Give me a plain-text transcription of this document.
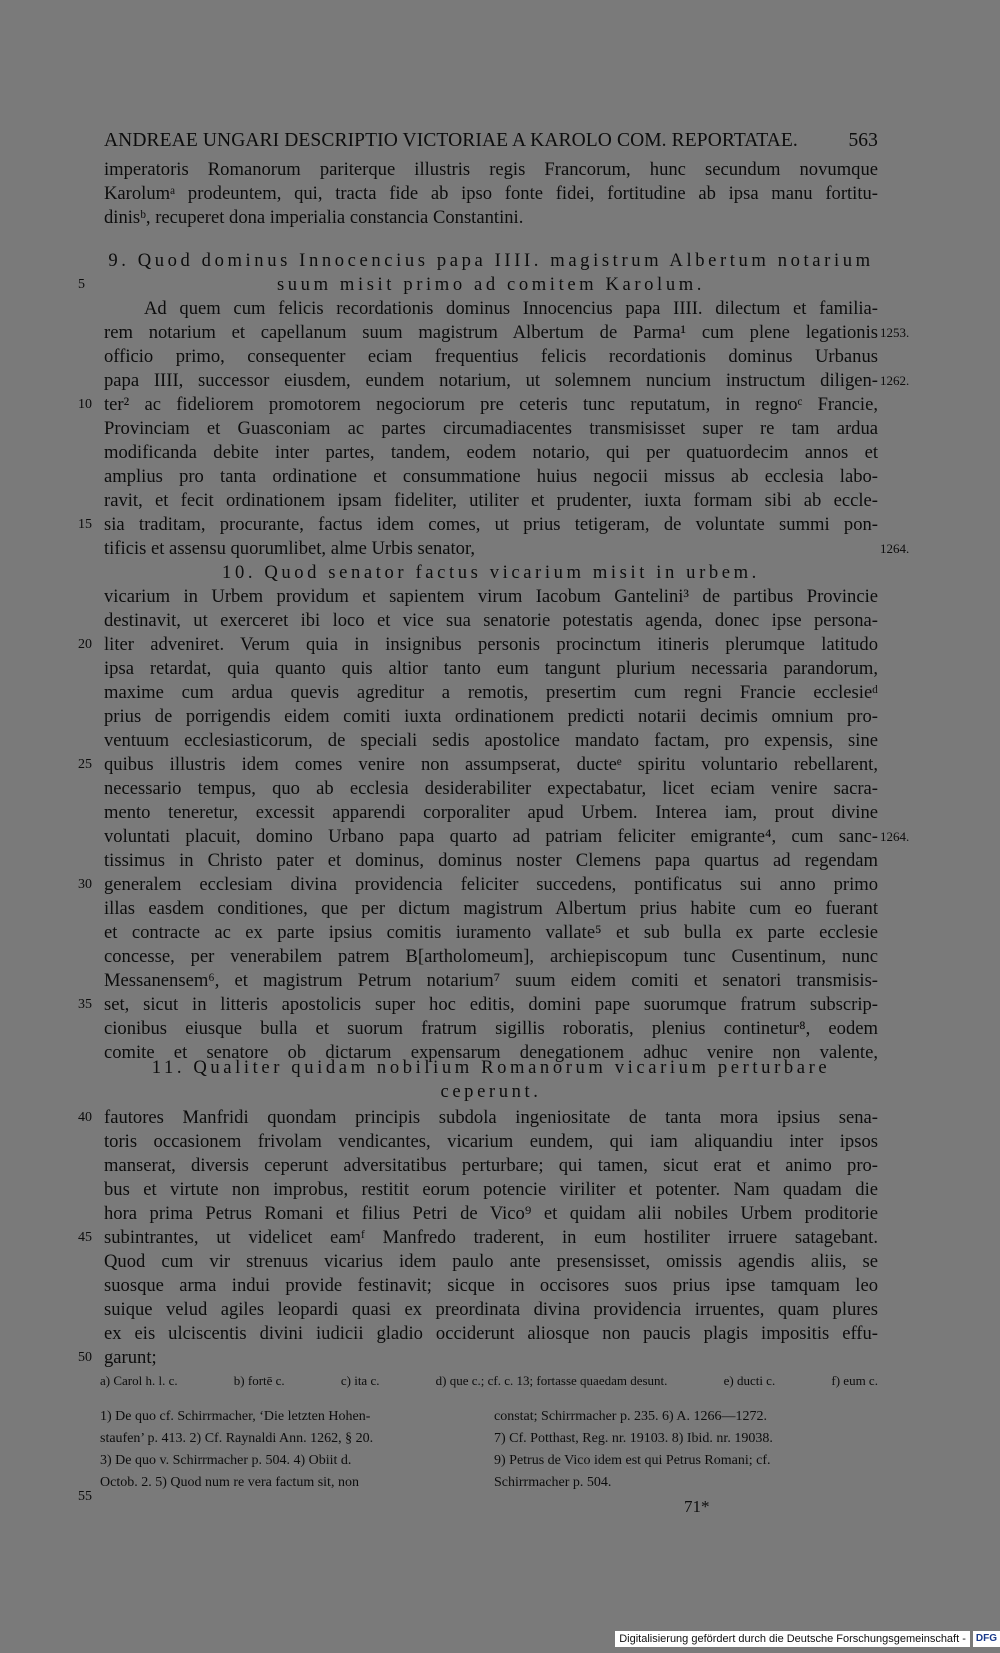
ANDREAE UNGARI DESCRIPTIO VICTORIAE A KAROLO COM. REPORTATAE.	563
imperatoris Romanorum pariterque illustris regis Francorum, hunc secundum novumque
Karolumᵃ prodeuntem, qui, tracta fide ab ipso fonte fidei, fortitudine ab ipsa manu fortitu-
dinisᵇ, recuperet dona imperialia constancia Constantini.
9. Quod dominus Innocencius papa IIII. magistrum Albertum notarium
suum misit primo ad comitem Karolum.
Ad quem cum felicis recordationis dominus Innocencius papa IIII. dilectum et familia-
rem notarium et capellanum suum magistrum Albertum de Parma¹ cum plene legationis
officio primo, consequenter eciam frequentius felicis recordationis dominus Urbanus
papa IIII, successor eiusdem, eundem notarium, ut solemnem nuncium instructum diligen-
ter² ac fideliorem promotorem negociorum pre ceteris tunc reputatum, in regnoᶜ Francie,
Provinciam et Guasconiam ac partes circumadiacentes transmisisset super re tam ardua
modificanda debite inter partes, tandem, eodem notario, qui per quatuordecim annos et
amplius pro tanta ordinatione et consummatione huius negocii missus ab ecclesia labo-
ravit, et fecit ordinationem ipsam fideliter, utiliter et prudenter, iuxta formam sibi ab eccle-
sia traditam, procurante, factus idem comes, ut prius tetigeram, de voluntate summi pon-
tificis et assensu quorumlibet, alme Urbis senator,
10. Quod senator factus vicarium misit in urbem.
vicarium in Urbem providum et sapientem virum Iacobum Gantelini³ de partibus Provincie
destinavit, ut exerceret ibi loco et vice sua senatorie potestatis agenda, donec ipse persona-
liter adveniret. Verum quia in insignibus personis procinctum itineris plerumque latitudo
ipsa retardat, quia quanto quis altior tanto eum tangunt plurium necessaria parandorum,
maxime cum ardua quevis agreditur a remotis, presertim cum regni Francie ecclesieᵈ
prius de porrigendis eidem comiti iuxta ordinationem predicti notarii decimis omnium pro-
ventuum ecclesiasticorum, de speciali sedis apostolice mandato factam, pro expensis, sine
quibus illustris idem comes venire non assumpserat, ducteᵉ spiritu voluntario rebellarent,
necessario tempus, quo ab ecclesia desiderabiliter expectabatur, licet eciam venire sacra-
mento teneretur, excessit apparendi corporaliter apud Urbem. Interea iam, prout divine
voluntati placuit, domino Urbano papa quarto ad patriam feliciter emigrante⁴, cum sanc-
tissimus in Christo pater et dominus, dominus noster Clemens papa quartus ad regendam
generalem ecclesiam divina providencia feliciter succedens, pontificatus sui anno primo
illas easdem conditiones, que per dictum magistrum Albertum prius habite cum eo fuerant
et contracte ac ex parte ipsius comitis iuramento vallate⁵ et sub bulla ex parte ecclesie
concesse, per venerabilem patrem B[artholomeum], archiepiscopum tunc Cusentinum, nunc
Messanensem⁶, et magistrum Petrum notarium⁷ suum eidem comiti et senatori transmisis-
set, sicut in litteris apostolicis super hoc editis, domini pape suorumque fratrum subscrip-
cionibus eiusque bulla et suorum fratrum sigillis roboratis, plenius continetur⁸, eodem
comite et senatore ob dictarum expensarum denegationem adhuc venire non valente,
11. Qualiter quidam nobilium Romanorum vicarium perturbare
ceperunt.
fautores Manfridi quondam principis subdola ingeniositate de tanta mora ipsius sena-
toris occasionem frivolam vendicantes, vicarium eundem, qui iam aliquandiu inter ipsos
manserat, diversis ceperunt adversitatibus perturbare; qui tamen, sicut erat et animo pro-
bus et virtute non improbus, restitit eorum potencie viriliter et potenter. Nam quadam die
hora prima Petrus Romani et filius Petri de Vico⁹ et quidam alii nobiles Urbem proditorie
subintrantes, ut videlicet eamᶠ Manfredo traderent, in eum hostiliter irruere satagebant.
Quod cum vir strenuus vicarius idem paulo ante presensisset, omissis agendis aliis, se
suosque arma indui provide festinavit; sicque in occisores suos prius ipse tamquam leo
suique velud agiles leopardi quasi ex preordinata divina providencia irruentes, quam plures
ex eis ulciscentis divini iudicii gladio occiderunt aliosque non paucis plagis impositis effu-
garunt;
5
10
15
20
25
30
35
40
45
50
55
1253.
1262.
1264.
1264.
a) Carol h. l. c.	b) fortē c.	c) ita c.	d) que c.; cf. c. 13; fortasse quaedam desunt.	e) ducti c.	f) eum c.
1) De quo cf. Schirrmacher, ‘Die letzten Hohen-
staufen’ p. 413. 2) Cf. Raynaldi Ann. 1262, § 20.
3) De quo v. Schirrmacher p. 504. 4) Obiit d.
Octob. 2. 5) Quod num re vera factum sit, non
constat; Schirrmacher p. 235. 6) A. 1266—1272.
7) Cf. Potthast, Reg. nr. 19103. 8) Ibid. nr. 19038.
9) Petrus de Vico idem est qui Petrus Romani; cf.
Schirrmacher p. 504.
71*
Digitalisierung gefördert durch die Deutsche Forschungsgemeinschaft -	DFG
